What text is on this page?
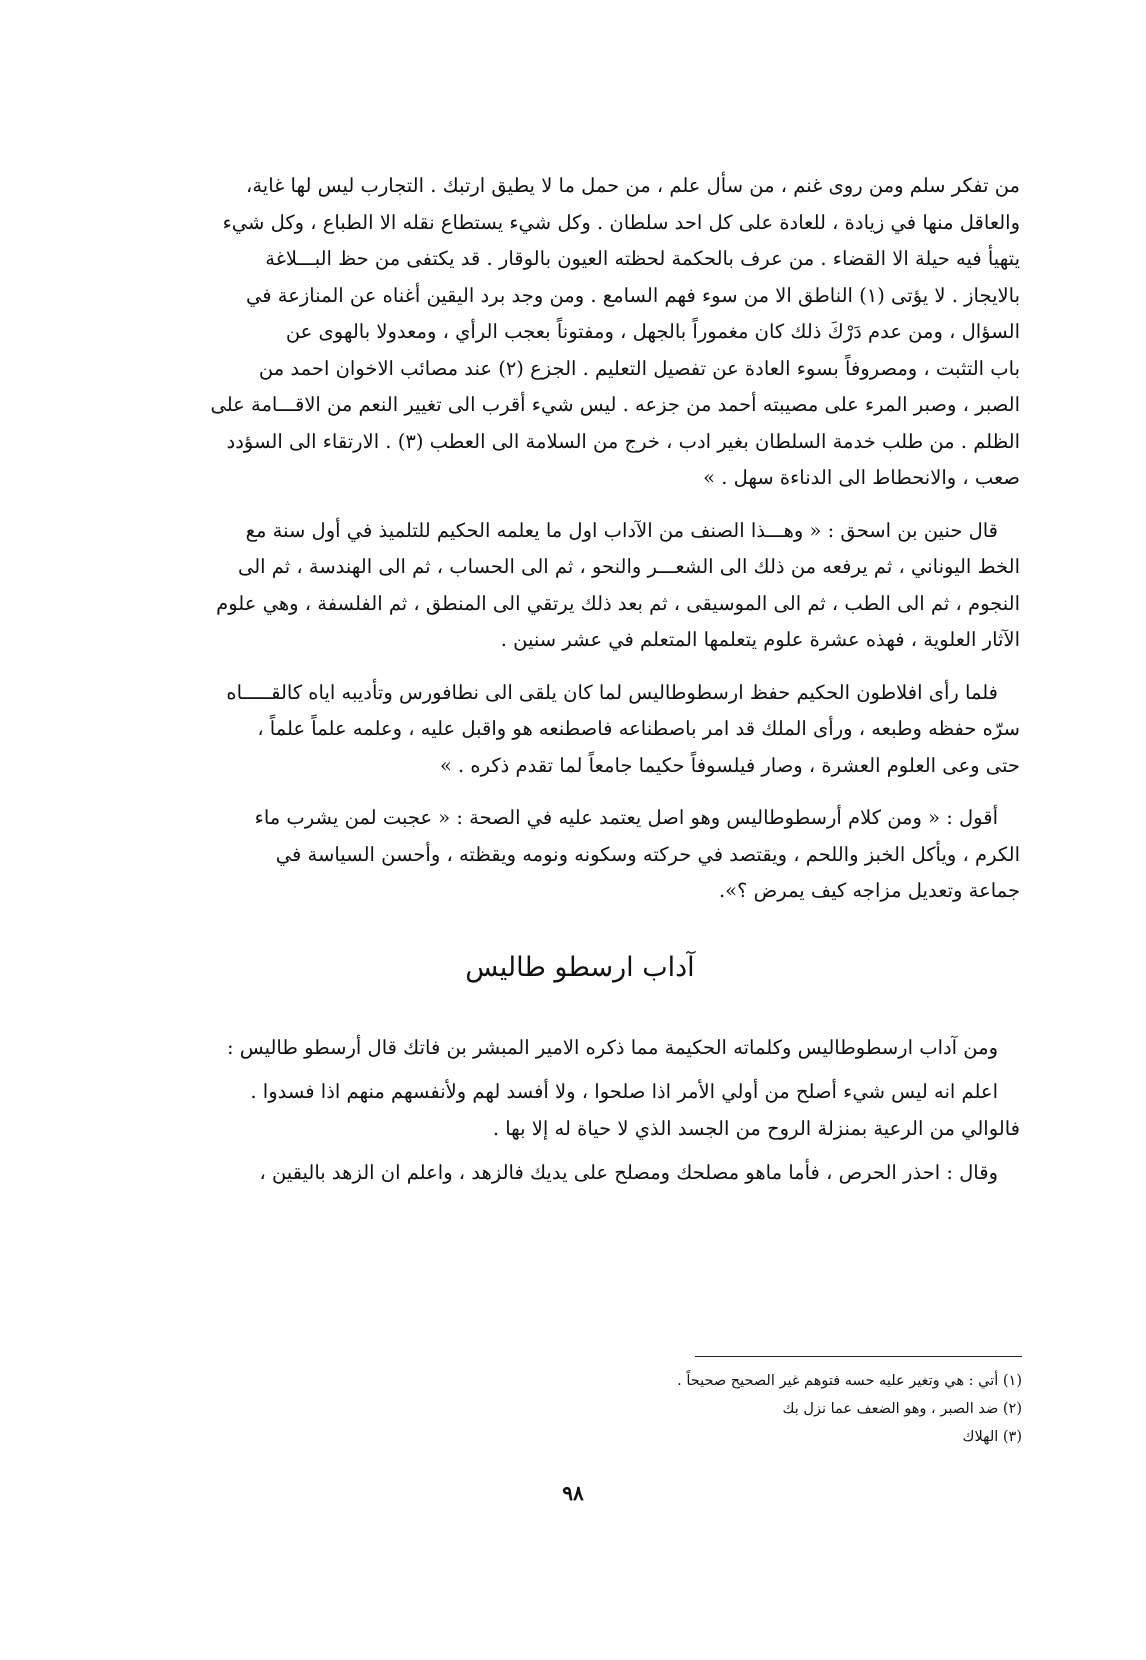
من تفكر سلم ومن روى غنم ، من سأل علم ، من حمل ما لا يطيق ارتبك . التجارب ليس لها غاية،
والعاقل منها في زيادة ، للعادة على كل احد سلطان . وكل شيء يستطاع نقله الا الطباع ، وكل شيء
يتهيأ فيه حيلة الا القضاء . من عرف بالحكمة لحظته العيون بالوقار . قد يكتفى من حظ البـــلاغة
بالايجاز . لا يؤتى (١) الناطق الا من سوء فهم السامع . ومن وجد برد اليقين أغناه عن المنازعة في
السؤال ، ومن عدم دَرْكَ ذلك كان مغموراً بالجهل ، ومفتوناً بعجب الرأي ، ومعدولا بالهوى عن
باب التثبت ، ومصروفاً بسوء العادة عن تفصيل التعليم . الجزع (٢) عند مصائب الاخوان احمد من
الصبر ، وصبر المرء على مصيبته أحمد من جزعه . ليس شيء أقرب الى تغيير النعم من الاقـــامة على
الظلم . من طلب خدمة السلطان بغير ادب ، خرج من السلامة الى العطب (٣) . الارتقاء الى السؤدد
صعب ، والانحطاط الى الدناءة سهل . »

قال حنين بن اسحق : « وهـــذا الصنف من الآداب اول ما يعلمه الحكيم للتلميذ في أول سنة مع
الخط اليوناني ، ثم يرفعه من ذلك الى الشعـــر والنحو ، ثم الى الحساب ، ثم الى الهندسة ، ثم الى
النجوم ، ثم الى الطب ، ثم الى الموسيقى ، ثم بعد ذلك يرتقي الى المنطق ، ثم الفلسفة ، وهي علوم
الآثار العلوية ، فهذه عشرة علوم يتعلمها المتعلم في عشر سنين .

فلما رأى افلاطون الحكيم حفظ ارسطوطاليس لما كان يلقى الى نطافورس وتأديبه اياه كالقـــــاه
سرّه حفظه وطبعه ، ورأى الملك قد امر باصطناعه فاصطنعه هو واقبل عليه ، وعلمه علماً علماً ،
حتى وعى العلوم العشرة ، وصار فيلسوفاً حكيما جامعاً لما تقدم ذكره . »

أقول : « ومن كلام أرسطوطاليس وهو اصل يعتمد عليه في الصحة : « عجبت لمن يشرب ماء
الكرم ، ويأكل الخبز واللحم ، ويقتصد في حركته وسكونه ونومه ويقظته ، وأحسن السياسة في
جماعة وتعديل مزاجه كيف يمرض ؟».

آداب ارسطو طاليس

ومن آداب ارسطوطاليس وكلماته الحكيمة مما ذكره الامير المبشر بن فاتك قال أرسطو طاليس :

اعلم انه ليس شيء أصلح من أولي الأمر اذا صلحوا ، ولا أفسد لهم ولأنفسهم منهم اذا فسدوا .
فالوالي من الرعية بمنزلة الروح من الجسد الذي لا حياة له إلا بها .

وقال : احذر الحرص ، فأما ماهو مصلحك ومصلح على يديك فالزهد ، واعلم ان الزهد باليقين ،

(١) أتي : هي وتغير عليه حسه فتوهم غير الصحيح صحيحاً .
(٢) ضد الصبر ، وهو الضعف عما نزل بك
(٣) الهلاك
٩٨
